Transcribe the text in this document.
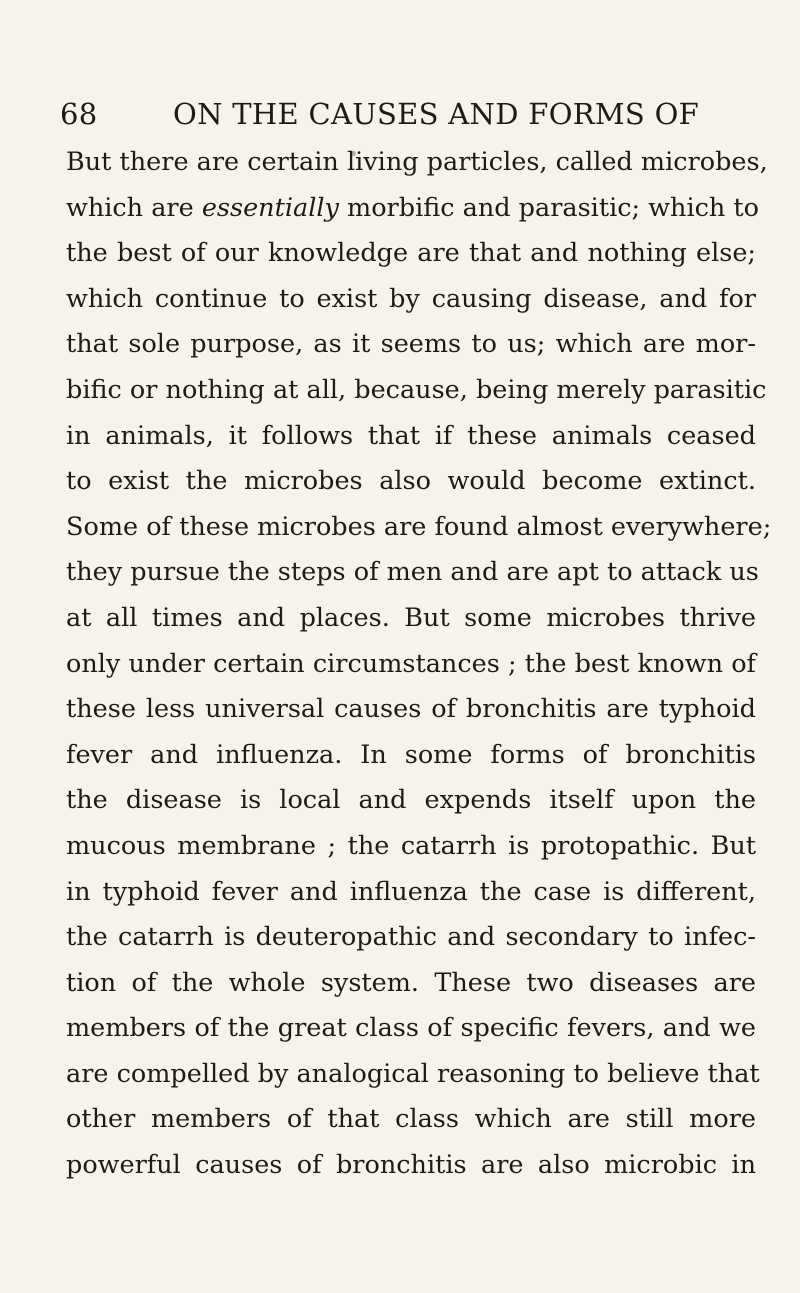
68	ON THE CAUSES AND FORMS OF
But there are certain living particles, called microbes,
which are essentially morbific and parasitic; which to
the best of our knowledge are that and nothing else;
which continue to exist by causing disease, and for
that sole purpose, as it seems to us; which are mor-
bific or nothing at all, because, being merely parasitic
in animals, it follows that if these animals ceased
to exist the microbes also would become extinct.
Some of these microbes are found almost everywhere;
they pursue the steps of men and are apt to attack us
at all times and places. But some microbes thrive
only under certain circumstances ; the best known of
these less universal causes of bronchitis are typhoid
fever and influenza. In some forms of bronchitis
the disease is local and expends itself upon the
mucous membrane ; the catarrh is protopathic. But
in typhoid fever and influenza the case is different,
the catarrh is deuteropathic and secondary to infec-
tion of the whole system. These two diseases are
members of the great class of specific fevers, and we
are compelled by analogical reasoning to believe that
other members of that class which are still more
powerful causes of bronchitis are also microbic in
